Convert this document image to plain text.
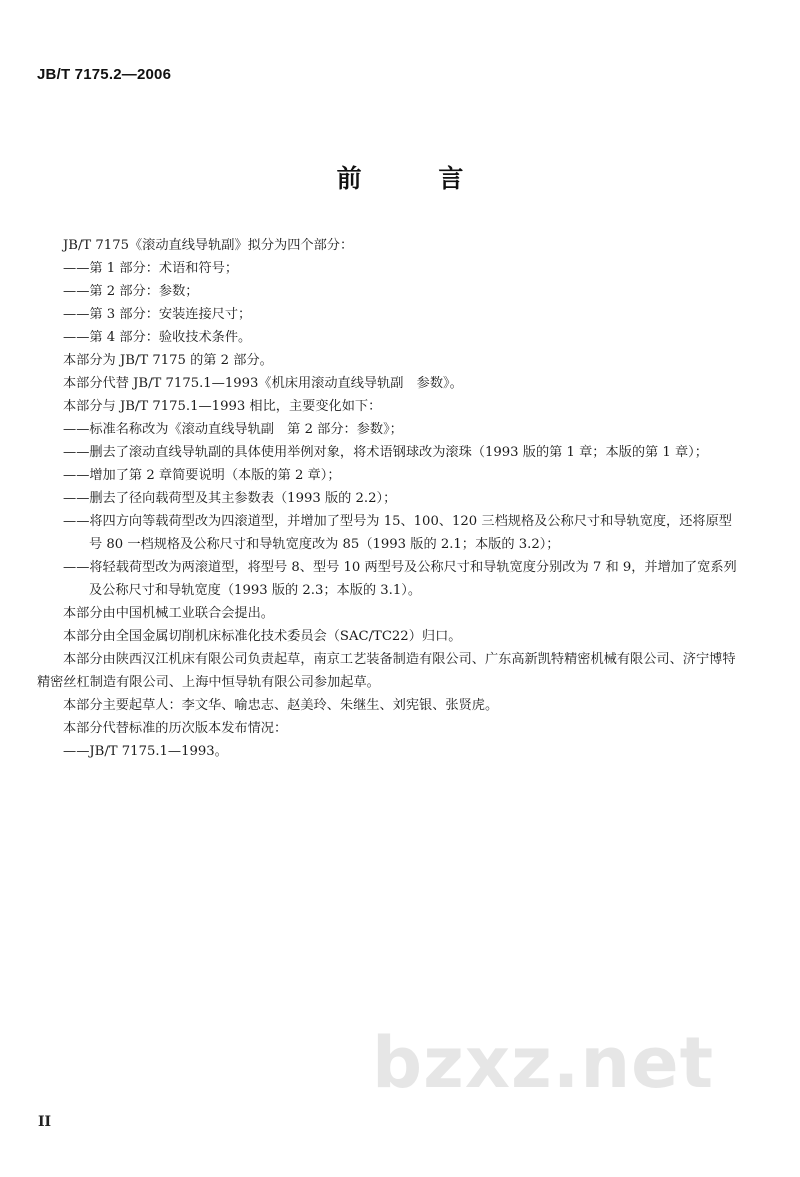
JB/T 7175.2—2006
前 言

JB/T 7175《滚动直线导轨副》拟分为四个部分：

——第 1 部分：术语和符号；

——第 2 部分：参数；

——第 3 部分：安装连接尺寸；

——第 4 部分：验收技术条件。

本部分为 JB/T 7175 的第 2 部分。

本部分代替 JB/T 7175.1—1993《机床用滚动直线导轨副　参数》。

本部分与 JB/T 7175.1—1993 相比，主要变化如下：

——标准名称改为《滚动直线导轨副　第 2 部分：参数》；

——删去了滚动直线导轨副的具体使用举例对象，将术语钢球改为滚珠（1993 版的第 1 章；本版的第 1 章）；

——增加了第 2 章简要说明（本版的第 2 章）；

——删去了径向载荷型及其主参数表（1993 版的 2.2）；

——将四方向等载荷型改为四滚道型，并增加了型号为 15、100、120 三档规格及公称尺寸和导轨宽度，还将原型号 80 一档规格及公称尺寸和导轨宽度改为 85（1993 版的 2.1；本版的 3.2）；

——将轻载荷型改为两滚道型，将型号 8、型号 10 两型号及公称尺寸和导轨宽度分别改为 7 和 9，并增加了宽系列及公称尺寸和导轨宽度（1993 版的 2.3；本版的 3.1）。

本部分由中国机械工业联合会提出。

本部分由全国金属切削机床标准化技术委员会（SAC/TC22）归口。

本部分由陕西汉江机床有限公司负责起草，南京工艺装备制造有限公司、广东高新凯特精密机械有限公司、济宁博特精密丝杠制造有限公司、上海中恒导轨有限公司参加起草。

本部分主要起草人：李文华、喻忠志、赵美玲、朱继生、刘宪银、张贤虎。

本部分代替标准的历次版本发布情况：

——JB/T 7175.1—1993。

bzxz.net
II
